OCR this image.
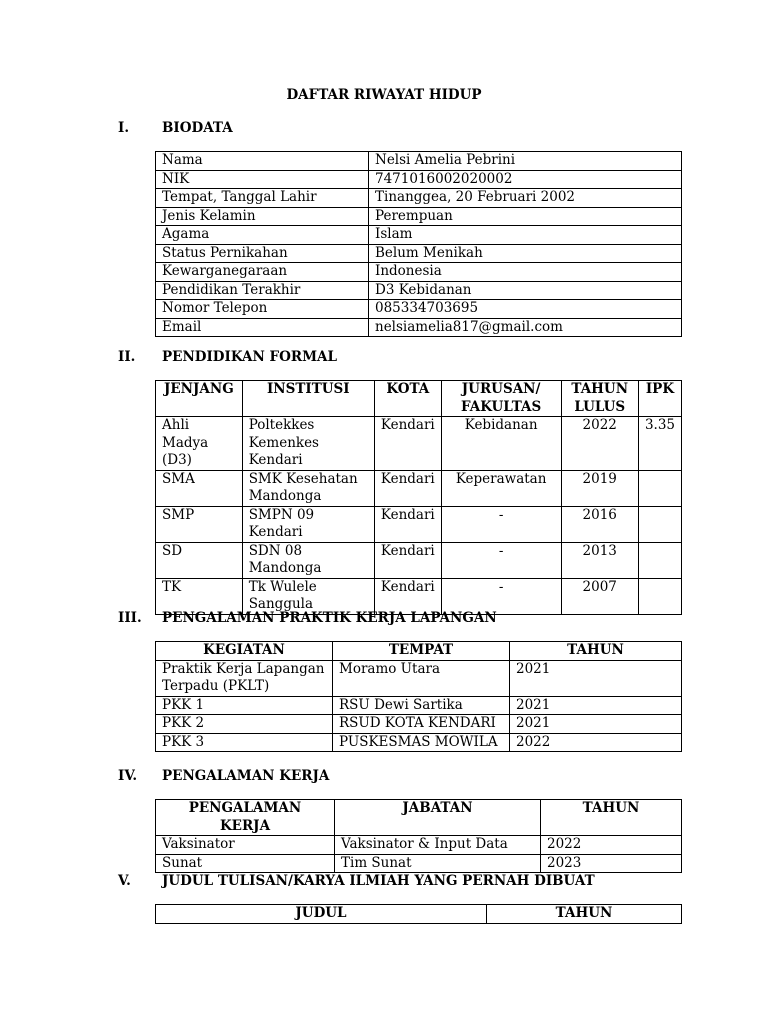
DAFTAR RIWAYAT HIDUP
I. BIODATA
Nama	Nelsi Amelia Pebrini
NIK	7471016002020002
Tempat, Tanggal Lahir	Tinanggea, 20 Februari 2002
Jenis Kelamin	Perempuan
Agama	Islam
Status Pernikahan	Belum Menikah
Kewarganegaraan	Indonesia
Pendidikan Terakhir	D3 Kebidanan
Nomor Telepon	085334703695
Email	nelsiamelia817@gmail.com
II. PENDIDIKAN FORMAL
JENJANG	INSTITUSI	KOTA	JURUSAN/ FAKULTAS	TAHUN LULUS	IPK
Ahli Madya (D3)	Poltekkes Kemenkes Kendari	Kendari	Kebidanan	2022	3.35
SMA	SMK Kesehatan Mandonga	Kendari	Keperawatan	2019	
SMP	SMPN 09 Kendari	Kendari	-	2016	
SD	SDN 08 Mandonga	Kendari	-	2013	
TK	Tk Wulele Sanggula	Kendari	-	2007	
III. PENGALAMAN PRAKTIK KERJA LAPANGAN
KEGIATAN	TEMPAT	TAHUN
Praktik Kerja Lapangan Terpadu (PKLT)	Moramo Utara	2021
PKK 1	RSU Dewi Sartika	2021
PKK 2	RSUD KOTA KENDARI	2021
PKK 3	PUSKESMAS MOWILA	2022
IV. PENGALAMAN KERJA
PENGALAMAN KERJA	JABATAN	TAHUN
Vaksinator	Vaksinator & Input Data	2022
Sunat	Tim Sunat	2023
V. JUDUL TULISAN/KARYA ILMIAH YANG PERNAH DIBUAT
JUDUL	TAHUN
